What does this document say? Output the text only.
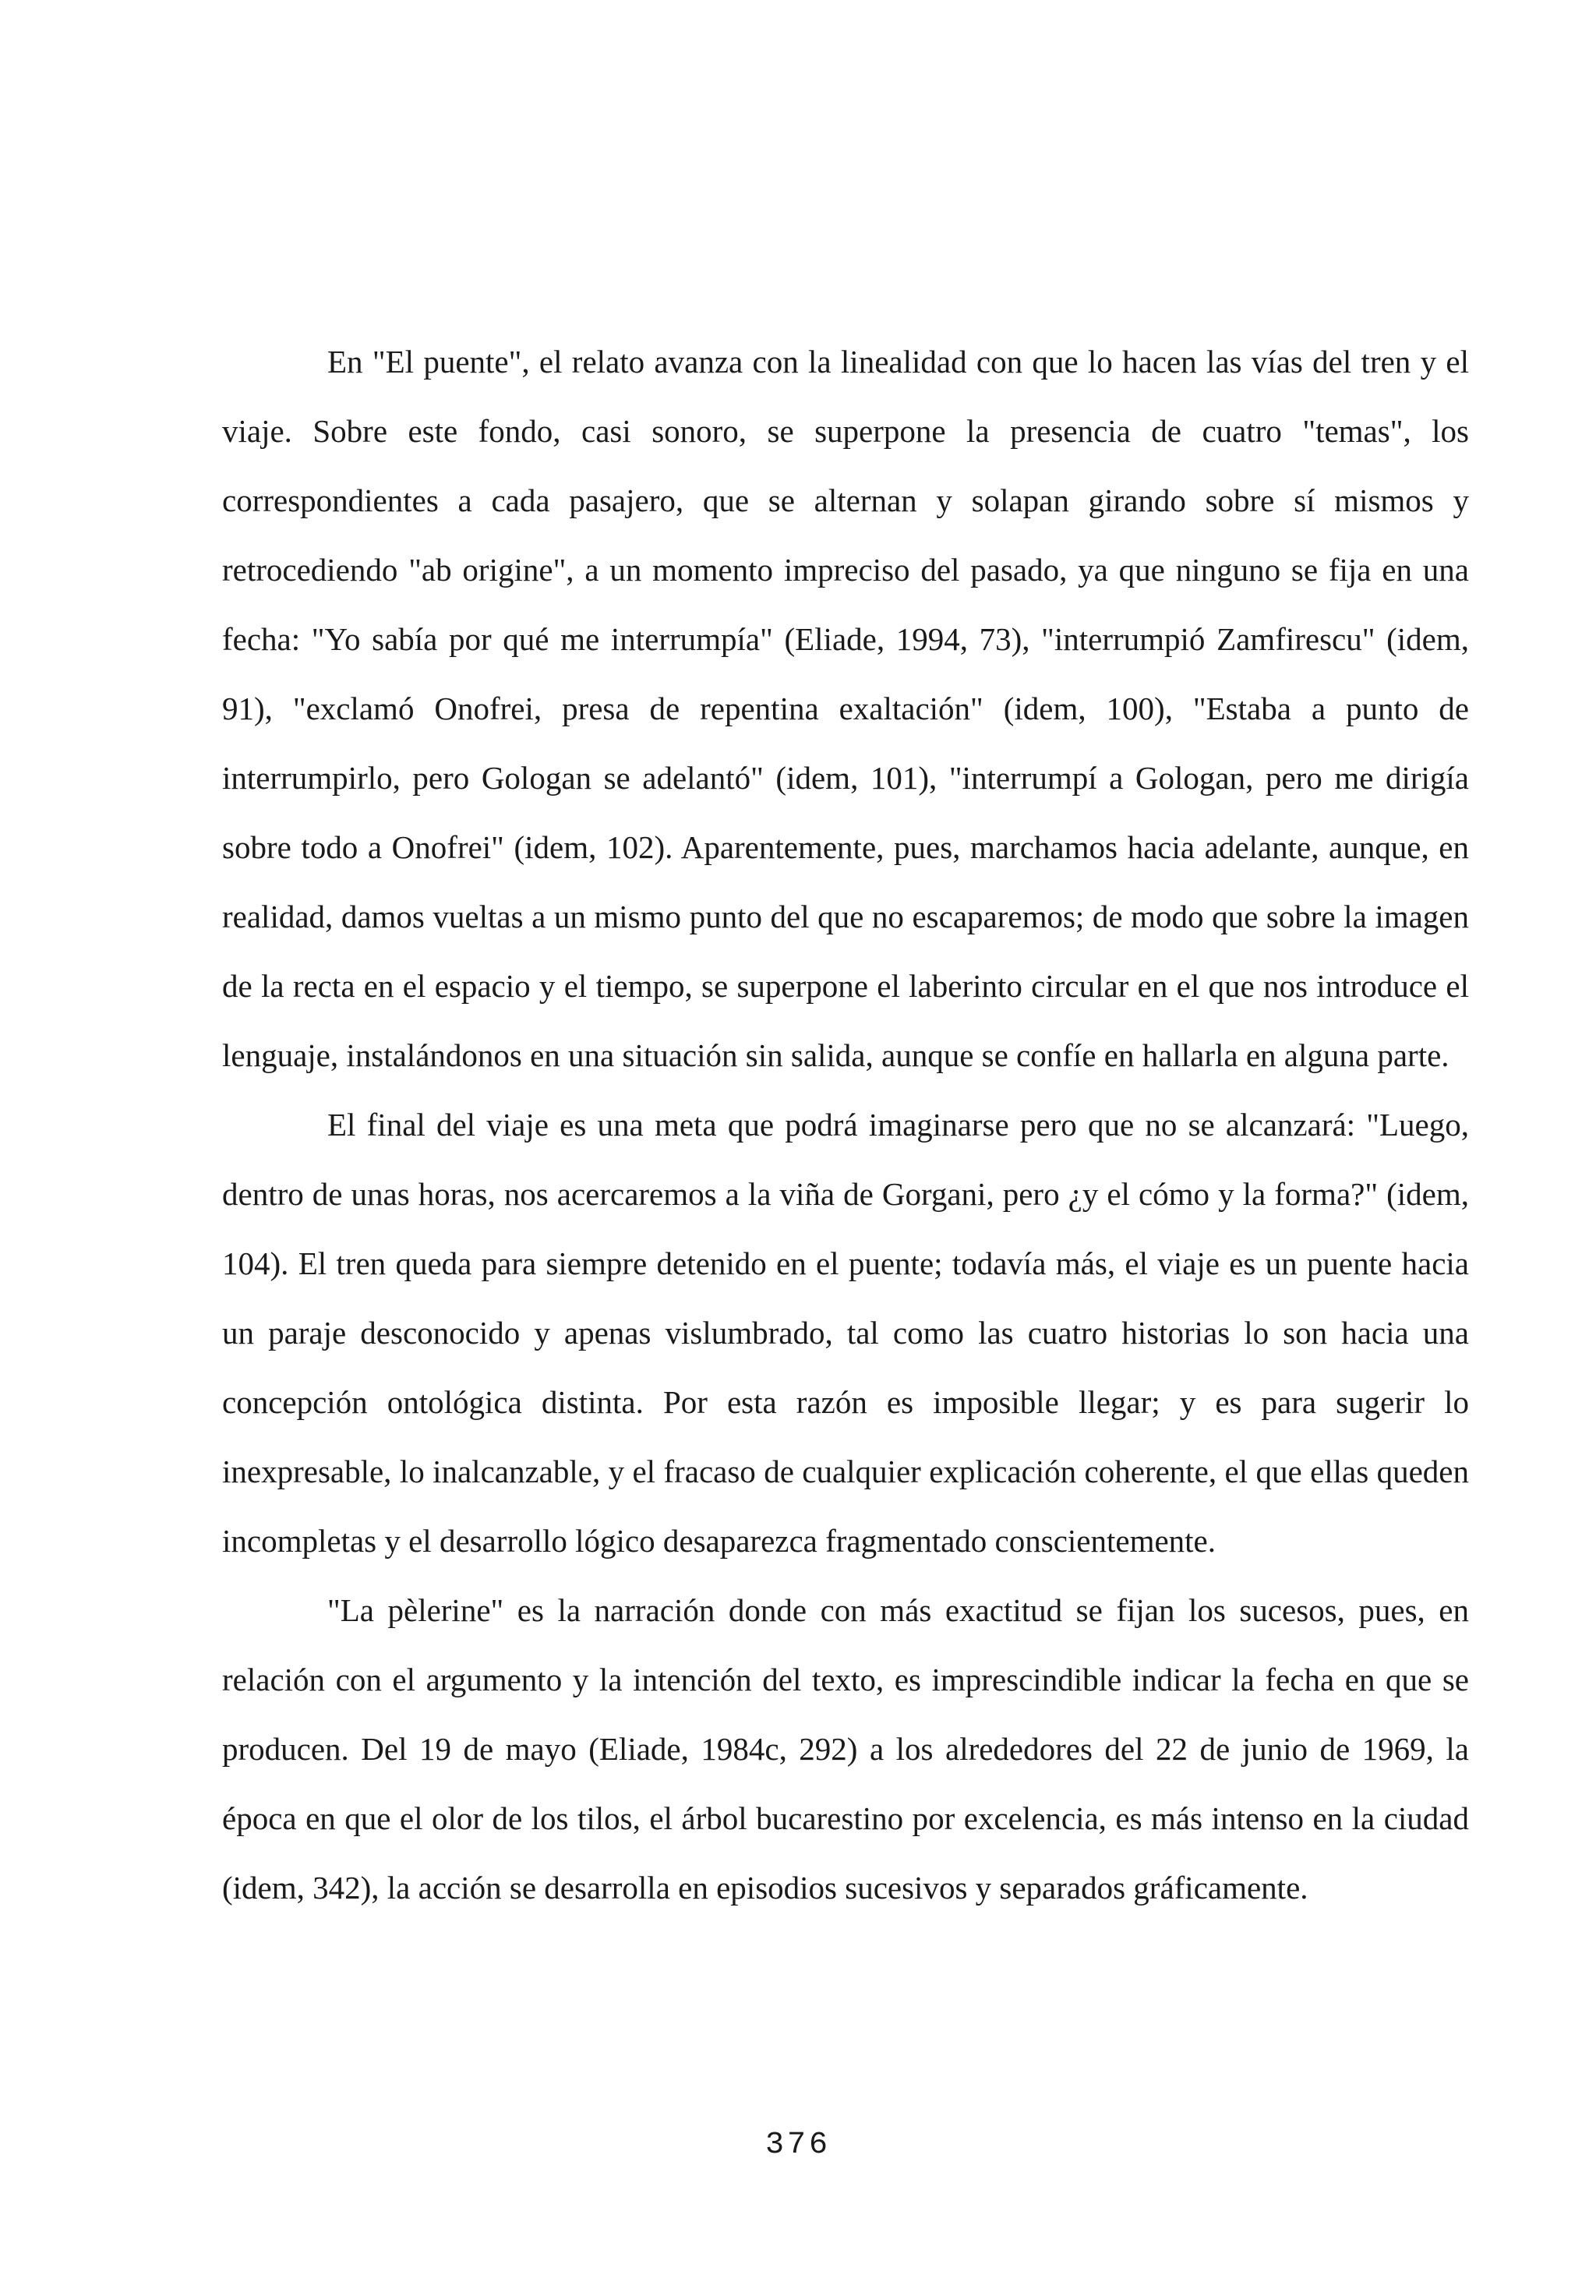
En "El puente", el relato avanza con la linealidad con que lo hacen las vías del tren y el viaje. Sobre este fondo, casi sonoro, se superpone la presencia de cuatro "temas", los correspondientes a cada pasajero, que se alternan y solapan girando sobre sí mismos y retrocediendo "ab origine", a un momento impreciso del pasado, ya que ninguno se fija en una fecha: "Yo sabía por qué me interrumpía" (Eliade, 1994, 73), "interrumpió Zamfirescu" (idem, 91), "exclamó Onofrei, presa de repentina exaltación" (idem, 100), "Estaba a punto de interrumpirlo, pero Gologan se adelantó" (idem, 101), "interrumpí a Gologan, pero me dirigía sobre todo a Onofrei" (idem, 102). Aparentemente, pues, marchamos hacia adelante, aunque, en realidad, damos vueltas a un mismo punto del que no escaparemos; de modo que sobre la imagen de la recta en el espacio y el tiempo, se superpone el laberinto circular en el que nos introduce el lenguaje, instalándonos en una situación sin salida, aunque se confíe en hallarla en alguna parte.

El final del viaje es una meta que podrá imaginarse pero que no se alcanzará: "Luego, dentro de unas horas, nos acercaremos a la viña de Gorgani, pero ¿y el cómo y la forma?" (idem, 104). El tren queda para siempre detenido en el puente; todavía más, el viaje es un puente hacia un paraje desconocido y apenas vislumbrado, tal como las cuatro historias lo son hacia una concepción ontológica distinta. Por esta razón es imposible llegar; y es para sugerir lo inexpresable, lo inalcanzable, y el fracaso de cualquier explicación coherente, el que ellas queden incompletas y el desarrollo lógico desaparezca fragmentado conscientemente.

"La pèlerine" es la narración donde con más exactitud se fijan los sucesos, pues, en relación con el argumento y la intención del texto, es imprescindible indicar la fecha en que se producen. Del 19 de mayo (Eliade, 1984c, 292) a los alrededores del 22 de junio de 1969, la época en que el olor de los tilos, el árbol bucarestino por excelencia, es más intenso en la ciudad (idem, 342), la acción se desarrolla en episodios sucesivos y separados gráficamente.

376
